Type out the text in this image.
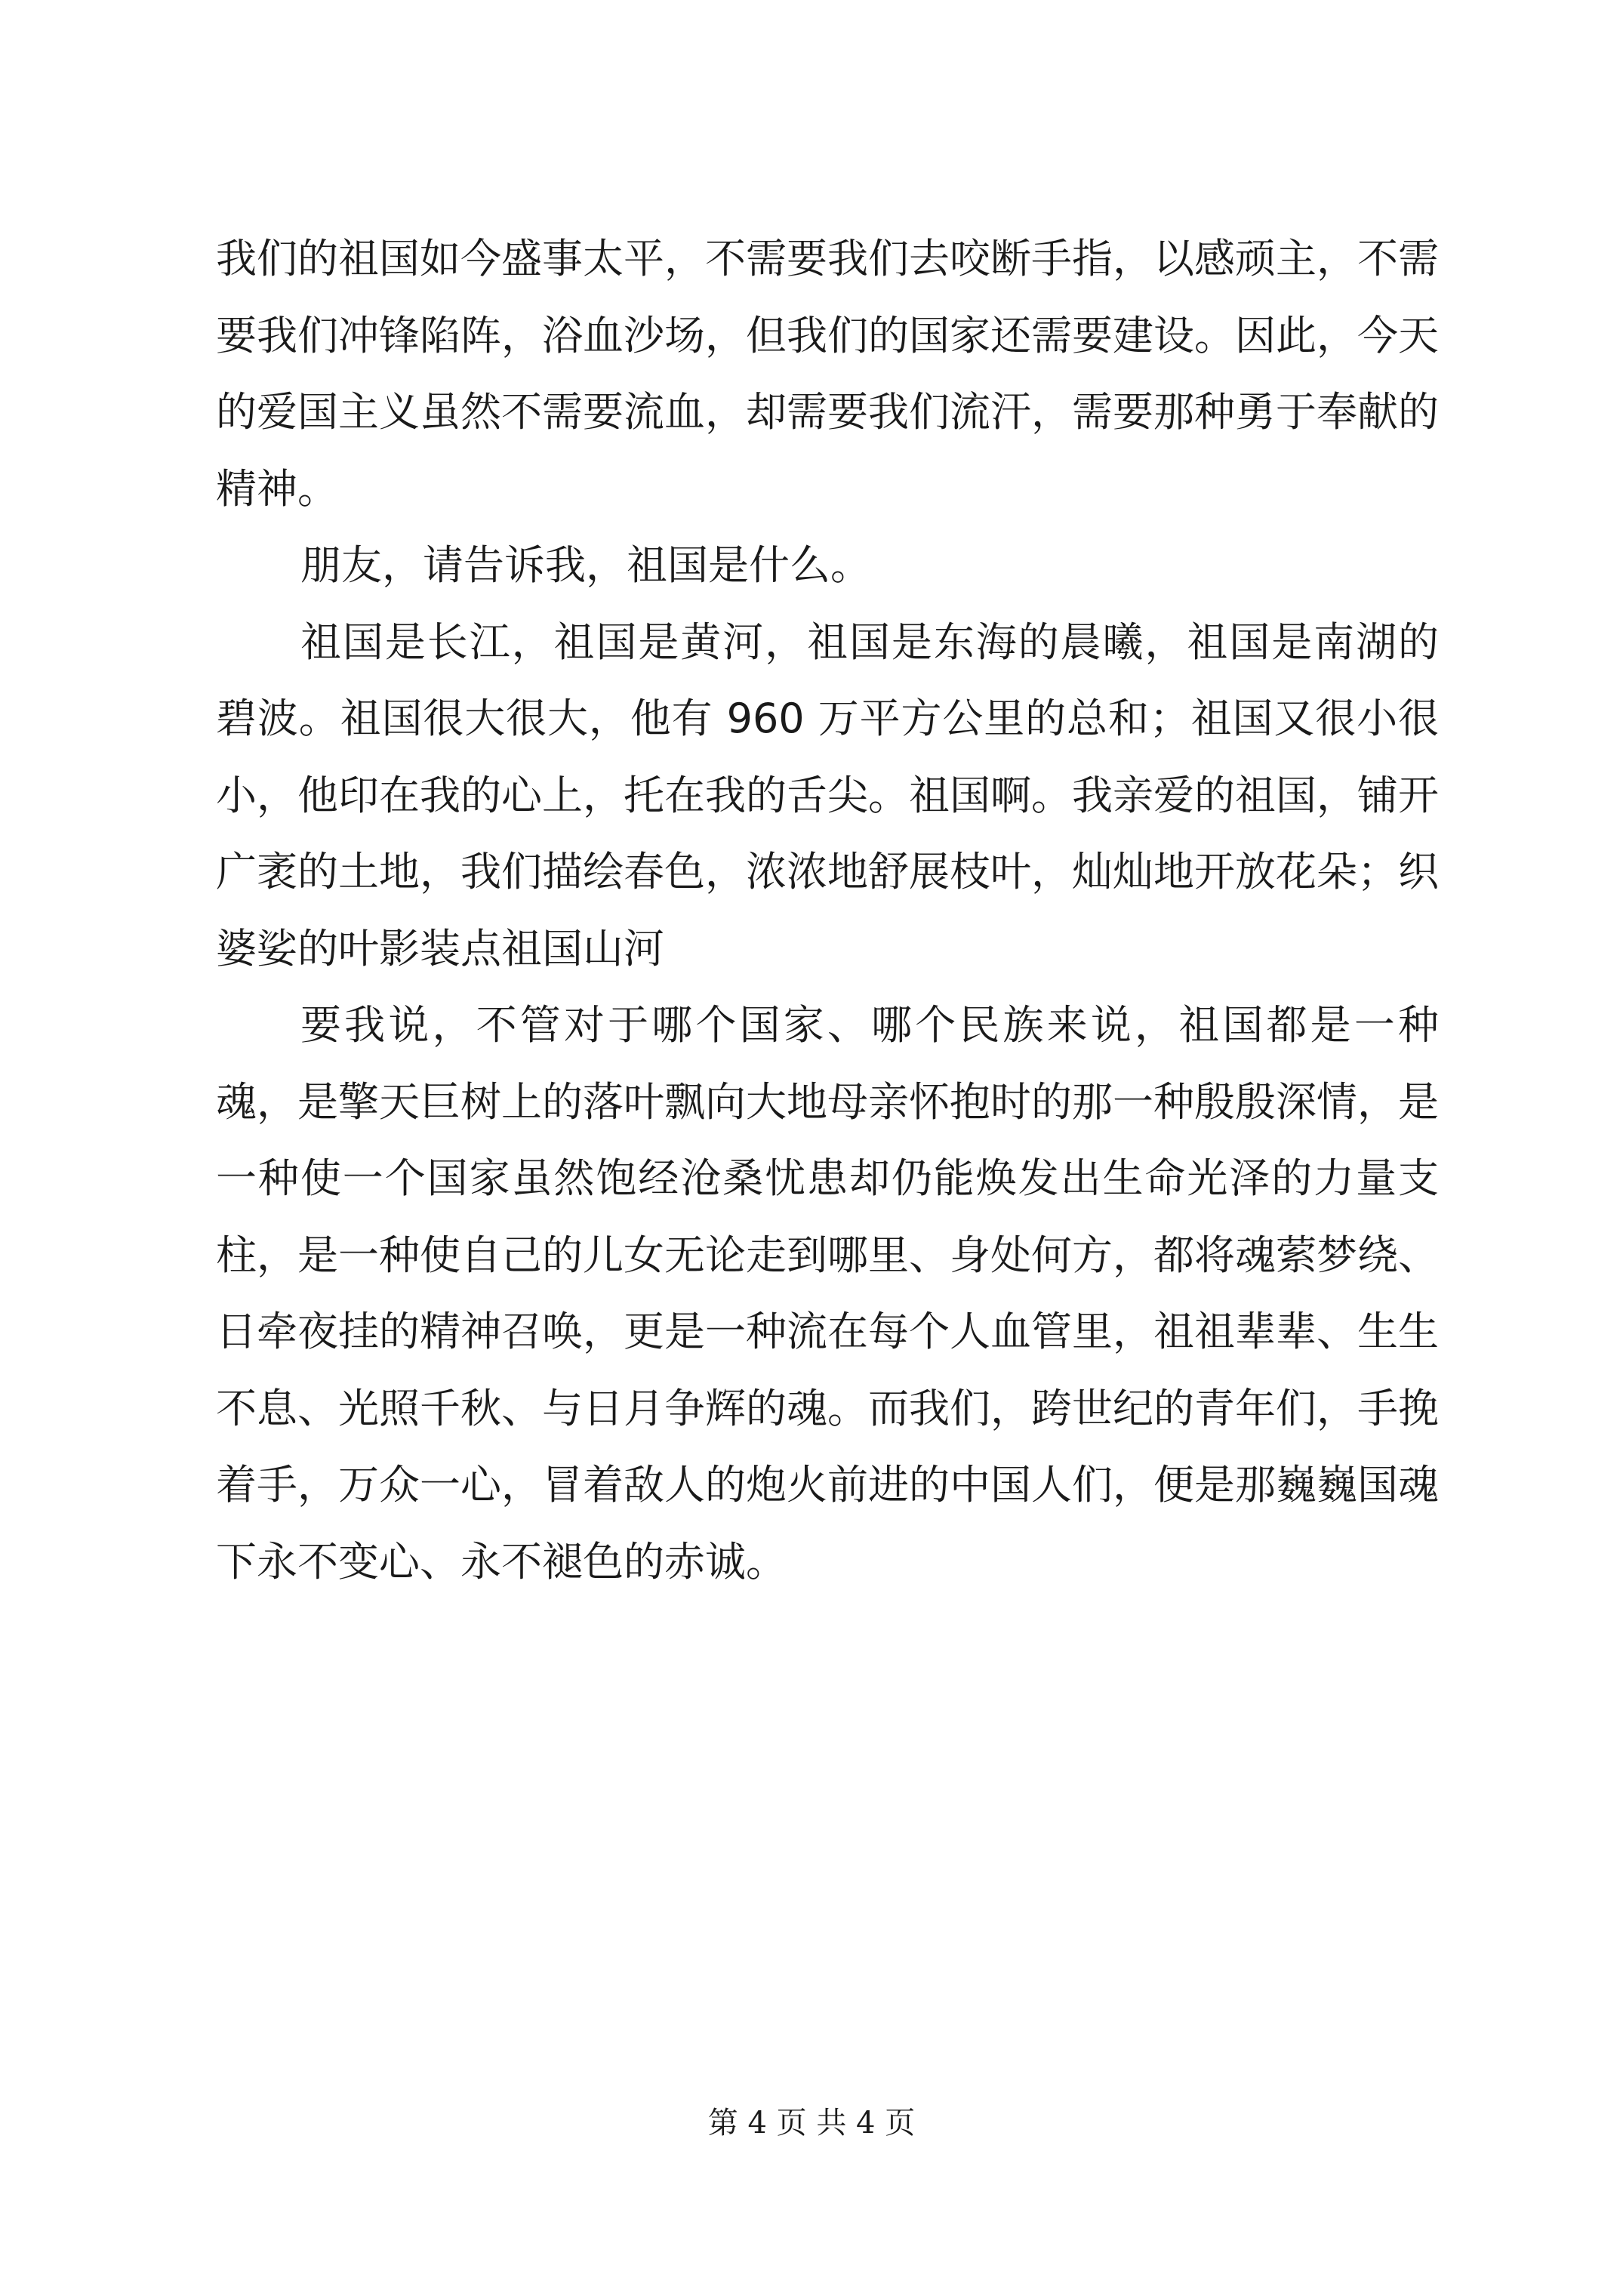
我们的祖国如今盛事太平，不需要我们去咬断手指，以感顽主，不需要我们冲锋陷阵，浴血沙场，但我们的国家还需要建设。因此，今天的爱国主义虽然不需要流血，却需要我们流汗，需要那种勇于奉献的精神。

朋友，请告诉我，祖国是什么。

祖国是长江，祖国是黄河，祖国是东海的晨曦，祖国是南湖的碧波。祖国很大很大，他有 960 万平方公里的总和；祖国又很小很小，他印在我的心上，托在我的舌尖。祖国啊。我亲爱的祖国，铺开广袤的土地，我们描绘春色，浓浓地舒展枝叶，灿灿地开放花朵；织婆娑的叶影装点祖国山河

要我说，不管对于哪个国家、哪个民族来说，祖国都是一种魂，是擎天巨树上的落叶飘向大地母亲怀抱时的那一种殷殷深情，是一种使一个国家虽然饱经沧桑忧患却仍能焕发出生命光泽的力量支柱，是一种使自己的儿女无论走到哪里、身处何方，都将魂萦梦绕、日牵夜挂的精神召唤，更是一种流在每个人血管里，祖祖辈辈、生生不息、光照千秋、与日月争辉的魂。而我们，跨世纪的青年们，手挽着手，万众一心，冒着敌人的炮火前进的中国人们，便是那巍巍国魂下永不变心、永不褪色的赤诚。

第 4 页 共 4 页
